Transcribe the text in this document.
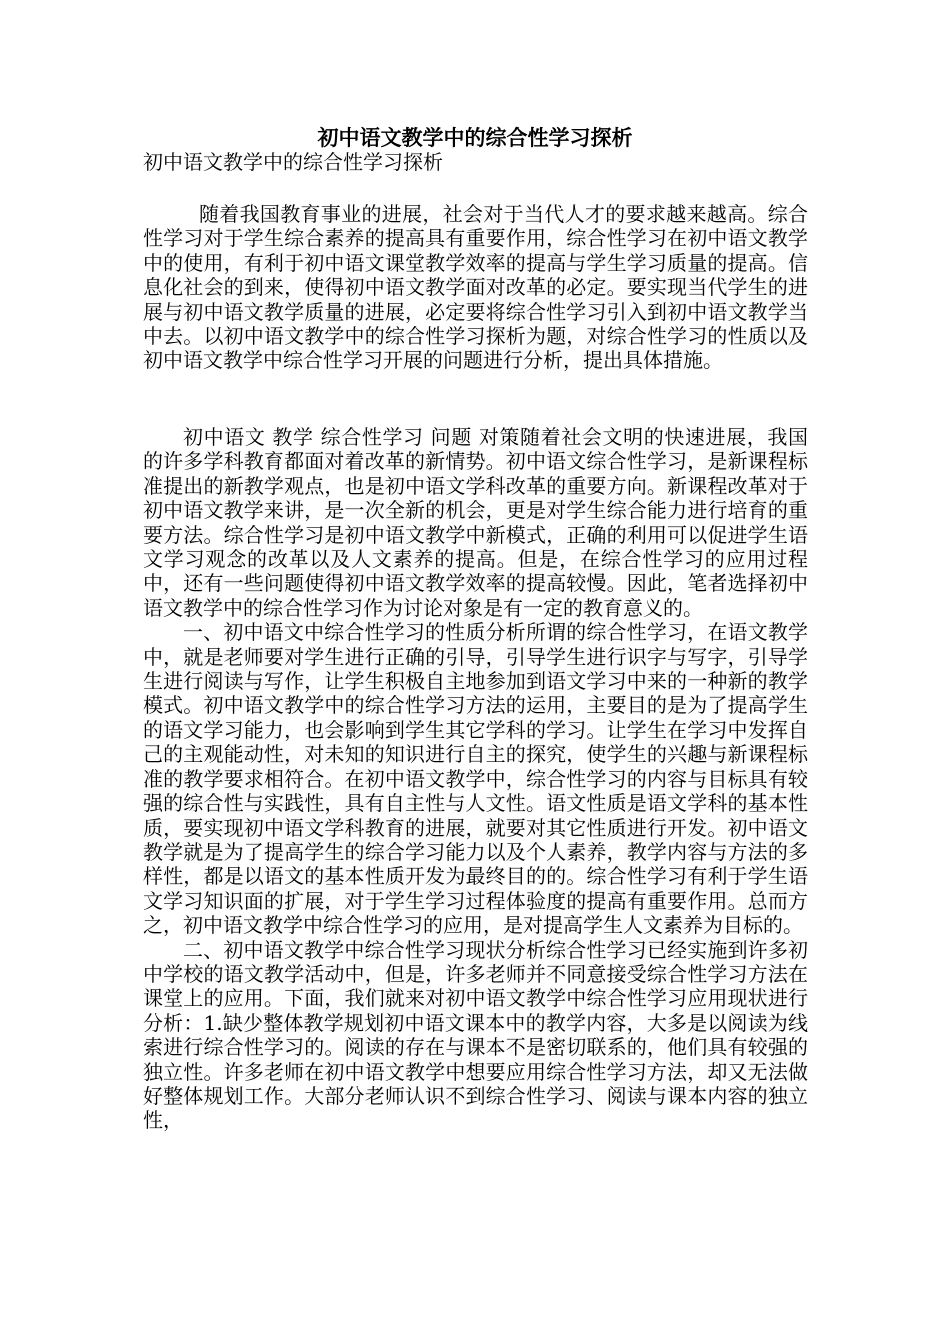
初中语文教学中的综合性学习探析
初中语文教学中的综合性学习探析

随着我国教育事业的进展，社会对于当代人才的要求越来越高。综合性学习对于学生综合素养的提高具有重要作用，综合性学习在初中语文教学中的使用，有利于初中语文课堂教学效率的提高与学生学习质量的提高。信息化社会的到来，使得初中语文教学面对改革的必定。要实现当代学生的进展与初中语文教学质量的进展，必定要将综合性学习引入到初中语文教学当中去。以初中语文教学中的综合性学习探析为题，对综合性学习的性质以及初中语文教学中综合性学习开展的问题进行分析，提出具体措施。

初中语文 教学 综合性学习 问题 对策随着社会文明的快速进展，我国的许多学科教育都面对着改革的新情势。初中语文综合性学习，是新课程标准提出的新教学观点，也是初中语文学科改革的重要方向。新课程改革对于初中语文教学来讲，是一次全新的机会，更是对学生综合能力进行培育的重要方法。综合性学习是初中语文教学中新模式，正确的利用可以促进学生语文学习观念的改革以及人文素养的提高。但是，在综合性学习的应用过程中，还有一些问题使得初中语文教学效率的提高较慢。因此，笔者选择初中语文教学中的综合性学习作为讨论对象是有一定的教育意义的。

一、初中语文中综合性学习的性质分析所谓的综合性学习，在语文教学中，就是老师要对学生进行正确的引导，引导学生进行识字与写字，引导学生进行阅读与写作，让学生积极自主地参加到语文学习中来的一种新的教学模式。初中语文教学中的综合性学习方法的运用，主要目的是为了提高学生的语文学习能力，也会影响到学生其它学科的学习。让学生在学习中发挥自己的主观能动性，对未知的知识进行自主的探究，使学生的兴趣与新课程标准的教学要求相符合。在初中语文教学中，综合性学习的内容与目标具有较强的综合性与实践性，具有自主性与人文性。语文性质是语文学科的基本性质，要实现初中语文学科教育的进展，就要对其它性质进行开发。初中语文教学就是为了提高学生的综合学习能力以及个人素养，教学内容与方法的多样性，都是以语文的基本性质开发为最终目的的。综合性学习有利于学生语文学习知识面的扩展，对于学生学习过程体验度的提高有重要作用。总而方之，初中语文教学中综合性学习的应用，是对提高学生人文素养为目标的。

二、初中语文教学中综合性学习现状分析综合性学习已经实施到许多初中学校的语文教学活动中，但是，许多老师并不同意接受综合性学习方法在课堂上的应用。下面，我们就来对初中语文教学中综合性学习应用现状进行分析：1.缺少整体教学规划初中语文课本中的教学内容，大多是以阅读为线索进行综合性学习的。阅读的存在与课本不是密切联系的，他们具有较强的独立性。许多老师在初中语文教学中想要应用综合性学习方法，却又无法做好整体规划工作。大部分老师认识不到综合性学习、阅读与课本内容的独立性，
